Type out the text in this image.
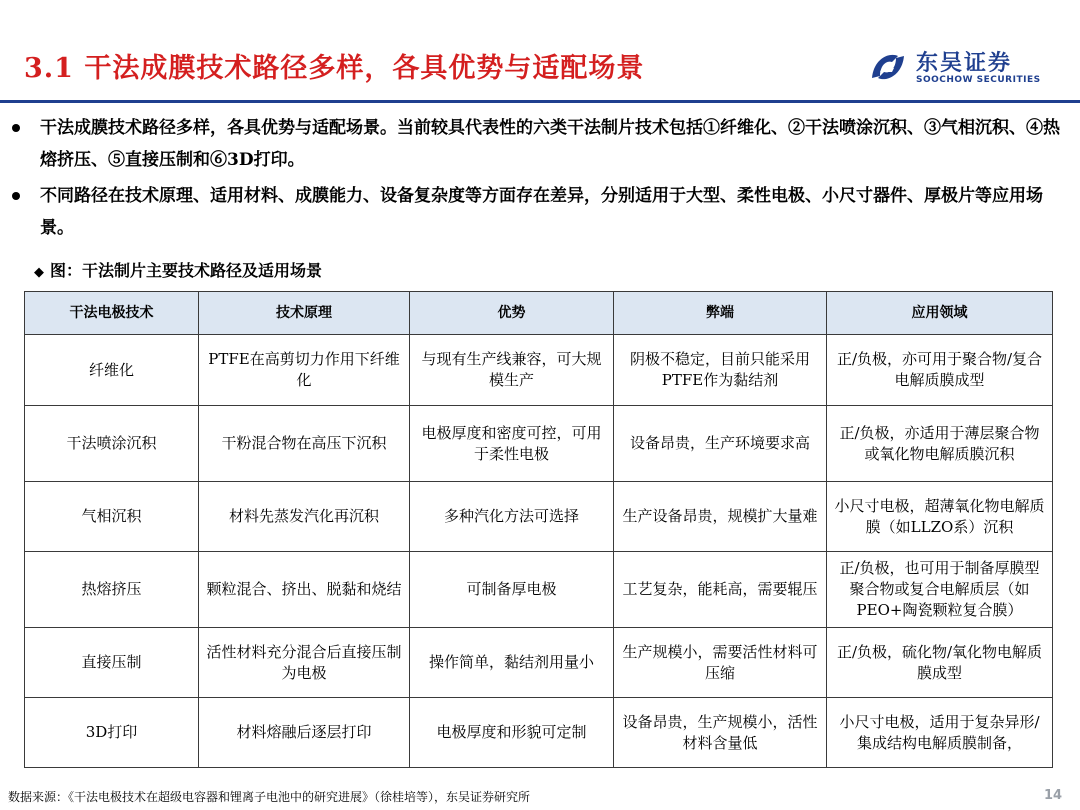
3.1 干法成膜技术路径多样，各具优势与适配场景	东吴证券
SOOCHOW SECURITIES
干法成膜技术路径多样，各具优势与适配场景。当前较具代表性的六类干法制片技术包括①纤维化、②干法喷涂沉积、③气相沉积、④热熔挤压、⑤直接压制和⑥3D打印。
不同路径在技术原理、适用材料、成膜能力、设备复杂度等方面存在差异，分别适用于大型、柔性电极、小尺寸器件、厚极片等应用场景。
◆ 图：干法制片主要技术路径及适用场景
干法电极技术	技术原理	优势	弊端	应用领域
纤维化	PTFE在高剪切力作用下纤维化	与现有生产线兼容，可大规模生产	阴极不稳定，目前只能采用PTFE作为黏结剂	正/负极，亦可用于聚合物/复合电解质膜成型
干法喷涂沉积	干粉混合物在高压下沉积	电极厚度和密度可控，可用于柔性电极	设备昂贵，生产环境要求高	正/负极，亦适用于薄层聚合物或氧化物电解质膜沉积
气相沉积	材料先蒸发汽化再沉积	多种汽化方法可选择	生产设备昂贵，规模扩大量难	小尺寸电极，超薄氧化物电解质膜（如LLZO系）沉积
热熔挤压	颗粒混合、挤出、脱黏和烧结	可制备厚电极	工艺复杂，能耗高，需要辊压	正/负极，也可用于制备厚膜型聚合物或复合电解质层（如PEO+陶瓷颗粒复合膜）
直接压制	活性材料充分混合后直接压制为电极	操作简单，黏结剂用量小	生产规模小，需要活性材料可压缩	正/负极，硫化物/氧化物电解质膜成型
3D打印	材料熔融后逐层打印	电极厚度和形貌可定制	设备昂贵，生产规模小，活性材料含量低	小尺寸电极，适用于复杂异形/集成结构电解质膜制备，
数据来源：《干法电极技术在超级电容器和锂离子电池中的研究进展》（徐桂培等），东吴证券研究所	14
